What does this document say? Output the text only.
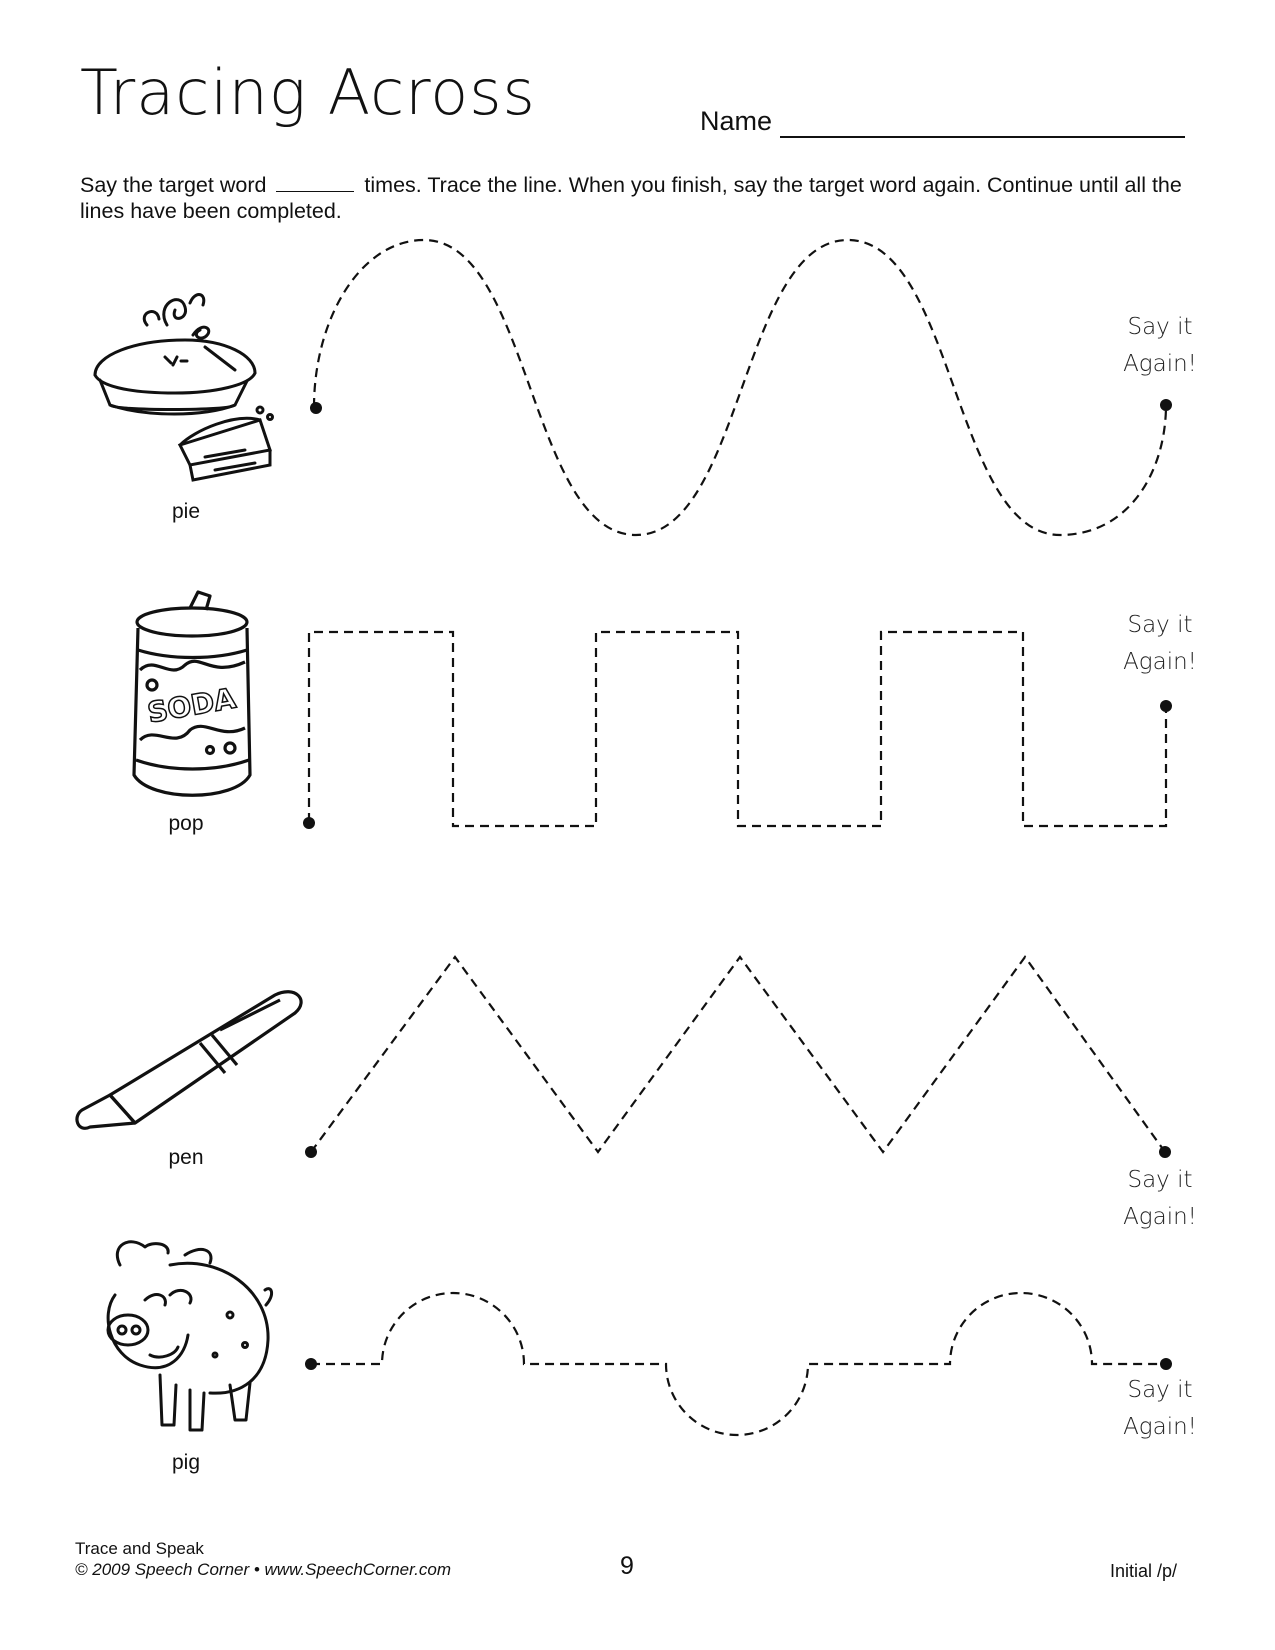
Tracing Across	Name
Say the target word	times. Trace the line. When you finish, say the target word again. Continue until all the lines have been completed.
pie
Say it
Again!
SODA
pop
Say it
Again!
pen
Say it
Again!
pig
Say it
Again!
Trace and Speak
© 2009 Speech Corner • www.SpeechCorner.com	9	Initial /p/
